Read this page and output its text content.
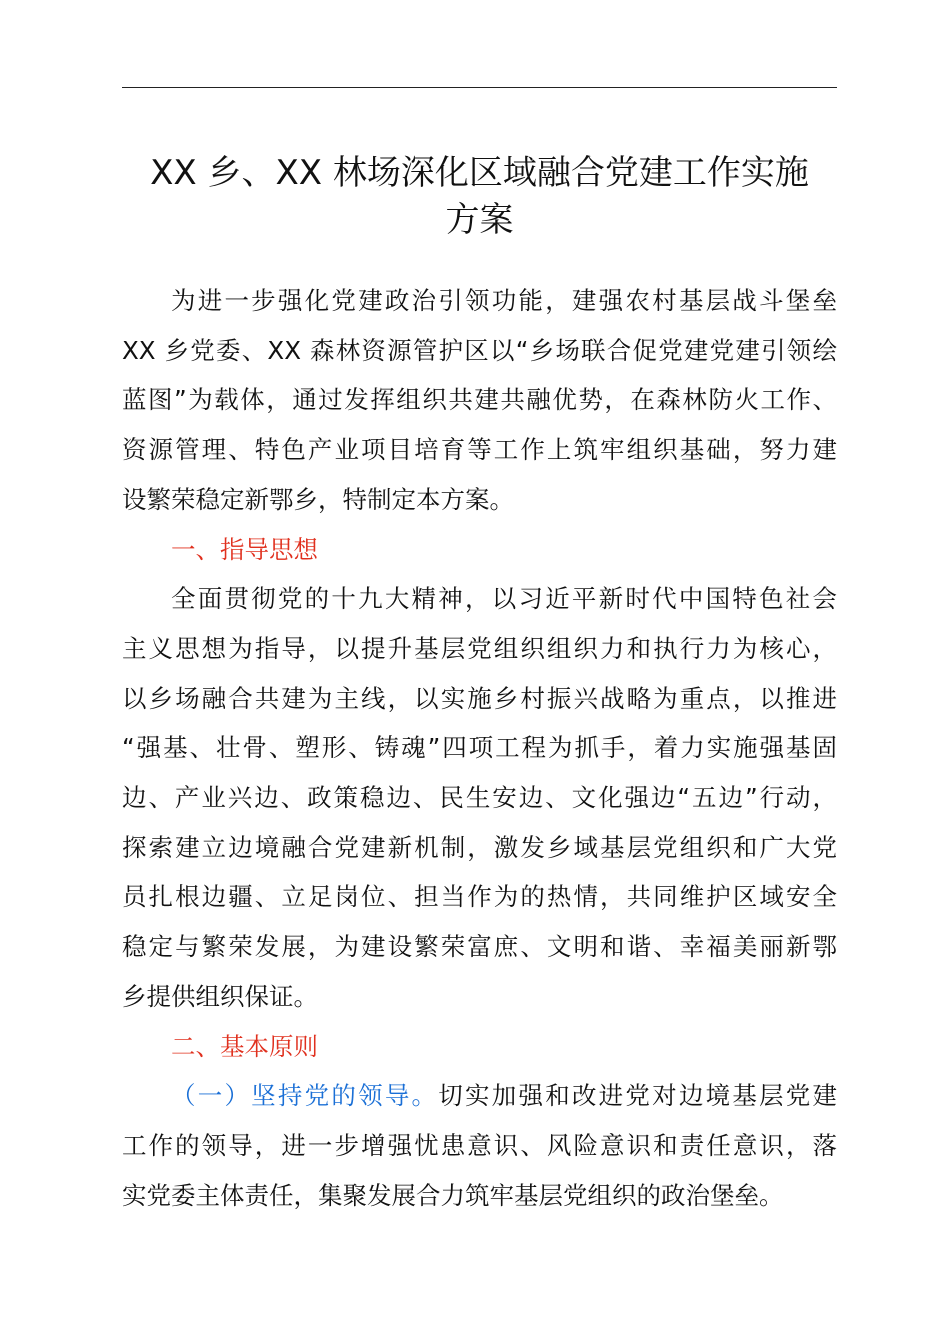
XX 乡、XX 林场深化区域融合党建工作实施
方案

为进一步强化党建政治引领功能，建强农村基层战斗堡垒
XX 乡党委、XX 森林资源管护区以“乡场联合促党建党建引领绘
蓝图”为载体，通过发挥组织共建共融优势，在森林防火工作、
资源管理、特色产业项目培育等工作上筑牢组织基础，努力建
设繁荣稳定新鄂乡，特制定本方案。

一、指导思想

全面贯彻党的十九大精神，以习近平新时代中国特色社会
主义思想为指导，以提升基层党组织组织力和执行力为核心，
以乡场融合共建为主线，以实施乡村振兴战略为重点，以推进
“强基、壮骨、塑形、铸魂”四项工程为抓手，着力实施强基固
边、产业兴边、政策稳边、民生安边、文化强边“五边”行动，
探索建立边境融合党建新机制，激发乡域基层党组织和广大党
员扎根边疆、立足岗位、担当作为的热情，共同维护区域安全
稳定与繁荣发展，为建设繁荣富庶、文明和谐、幸福美丽新鄂
乡提供组织保证。

二、基本原则

（一）坚持党的领导。切实加强和改进党对边境基层党建
工作的领导，进一步增强忧患意识、风险意识和责任意识，落
实党委主体责任，集聚发展合力筑牢基层党组织的政治堡垒。
